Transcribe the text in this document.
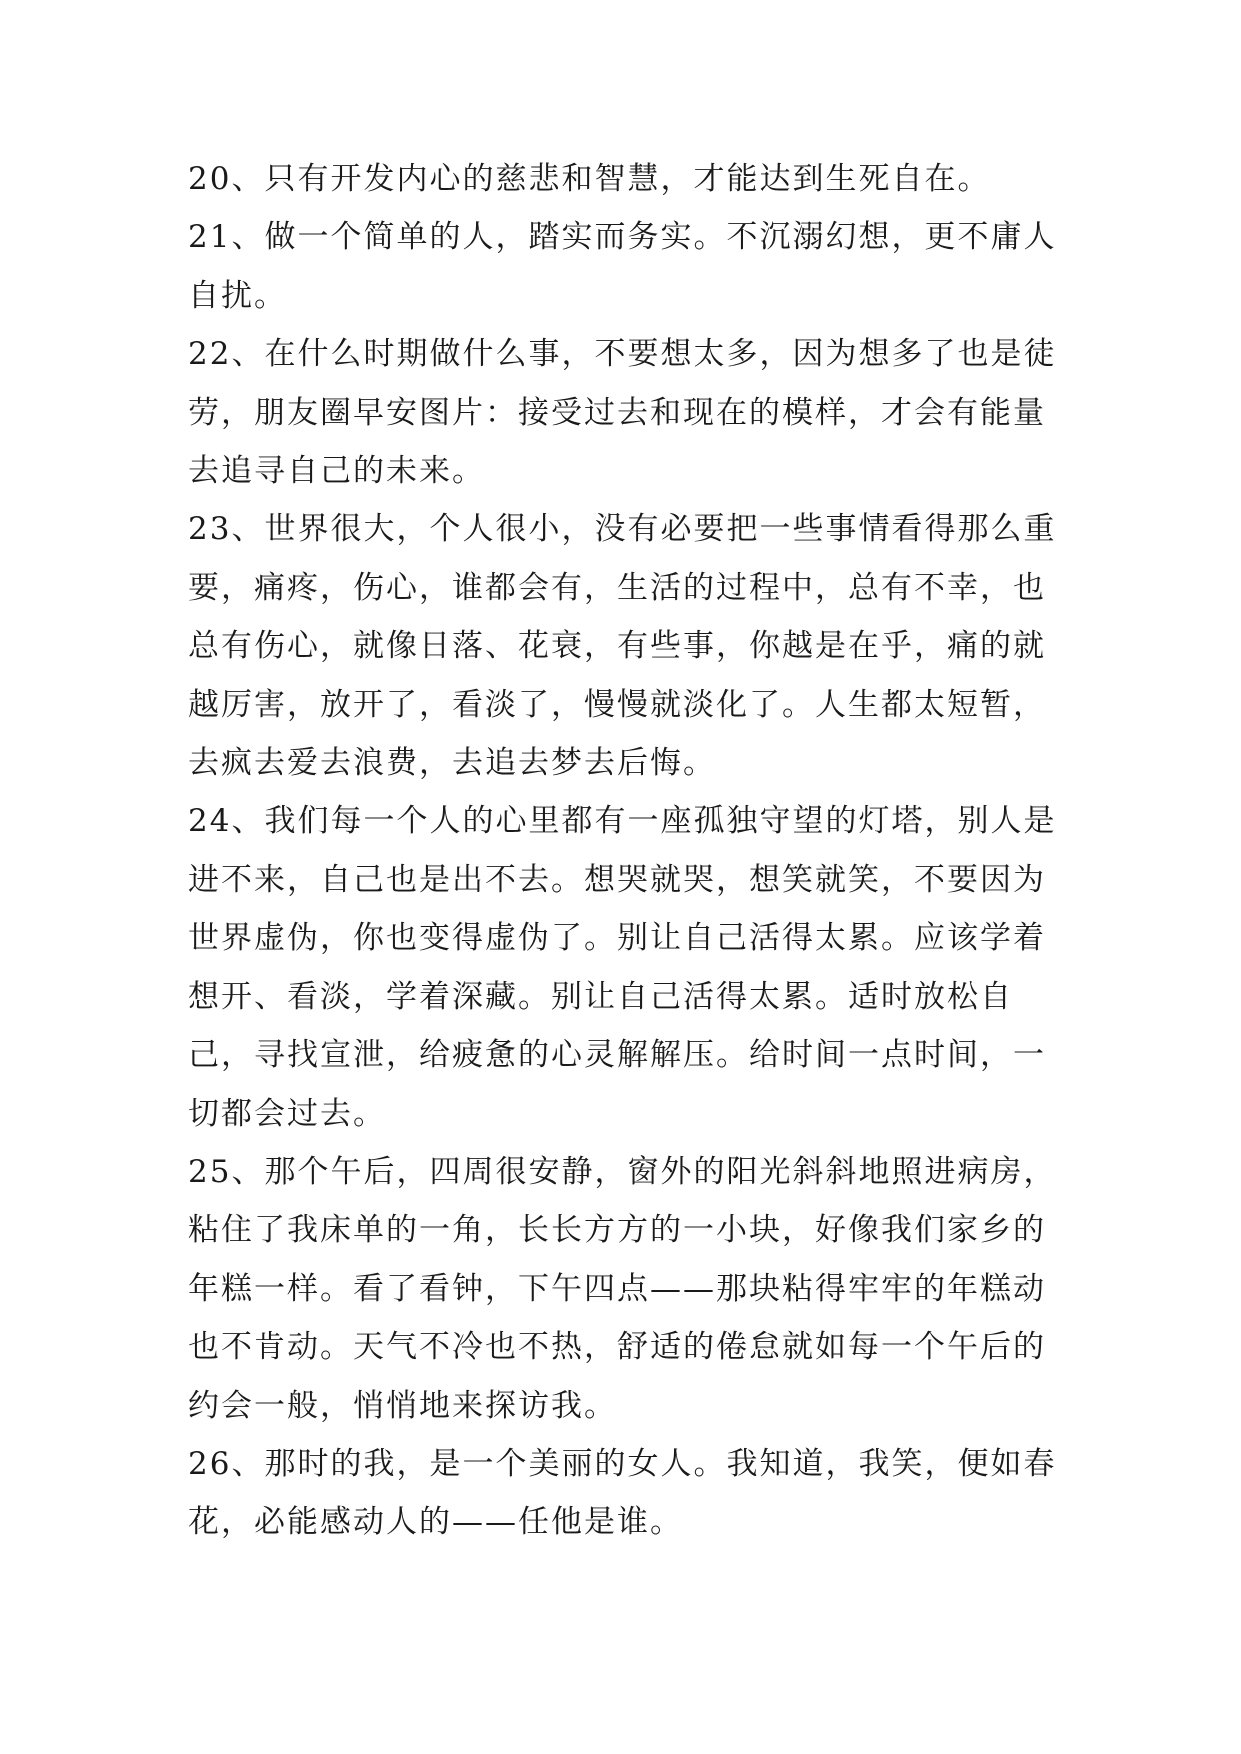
20、只有开发内心的慈悲和智慧，才能达到生死自在。

21、做一个简单的人，踏实而务实。不沉溺幻想，更不庸人自扰。

22、在什么时期做什么事，不要想太多，因为想多了也是徒劳，朋友圈早安图片：接受过去和现在的模样，才会有能量去追寻自己的未来。

23、世界很大，个人很小，没有必要把一些事情看得那么重要，痛疼，伤心，谁都会有，生活的过程中，总有不幸，也总有伤心，就像日落、花衰，有些事，你越是在乎，痛的就越厉害，放开了，看淡了，慢慢就淡化了。人生都太短暂，去疯去爱去浪费，去追去梦去后悔。

24、我们每一个人的心里都有一座孤独守望的灯塔，别人是进不来，自己也是出不去。想哭就哭，想笑就笑，不要因为世界虚伪，你也变得虚伪了。别让自己活得太累。应该学着想开、看淡，学着深藏。别让自己活得太累。适时放松自己，寻找宣泄，给疲惫的心灵解解压。给时间一点时间，一切都会过去。

25、那个午后，四周很安静，窗外的阳光斜斜地照进病房，粘住了我床单的一角，长长方方的一小块，好像我们家乡的年糕一样。看了看钟，下午四点——那块粘得牢牢的年糕动也不肯动。天气不冷也不热，舒适的倦怠就如每一个午后的约会一般，悄悄地来探访我。

26、那时的我，是一个美丽的女人。我知道，我笑，便如春花，必能感动人的——任他是谁。
